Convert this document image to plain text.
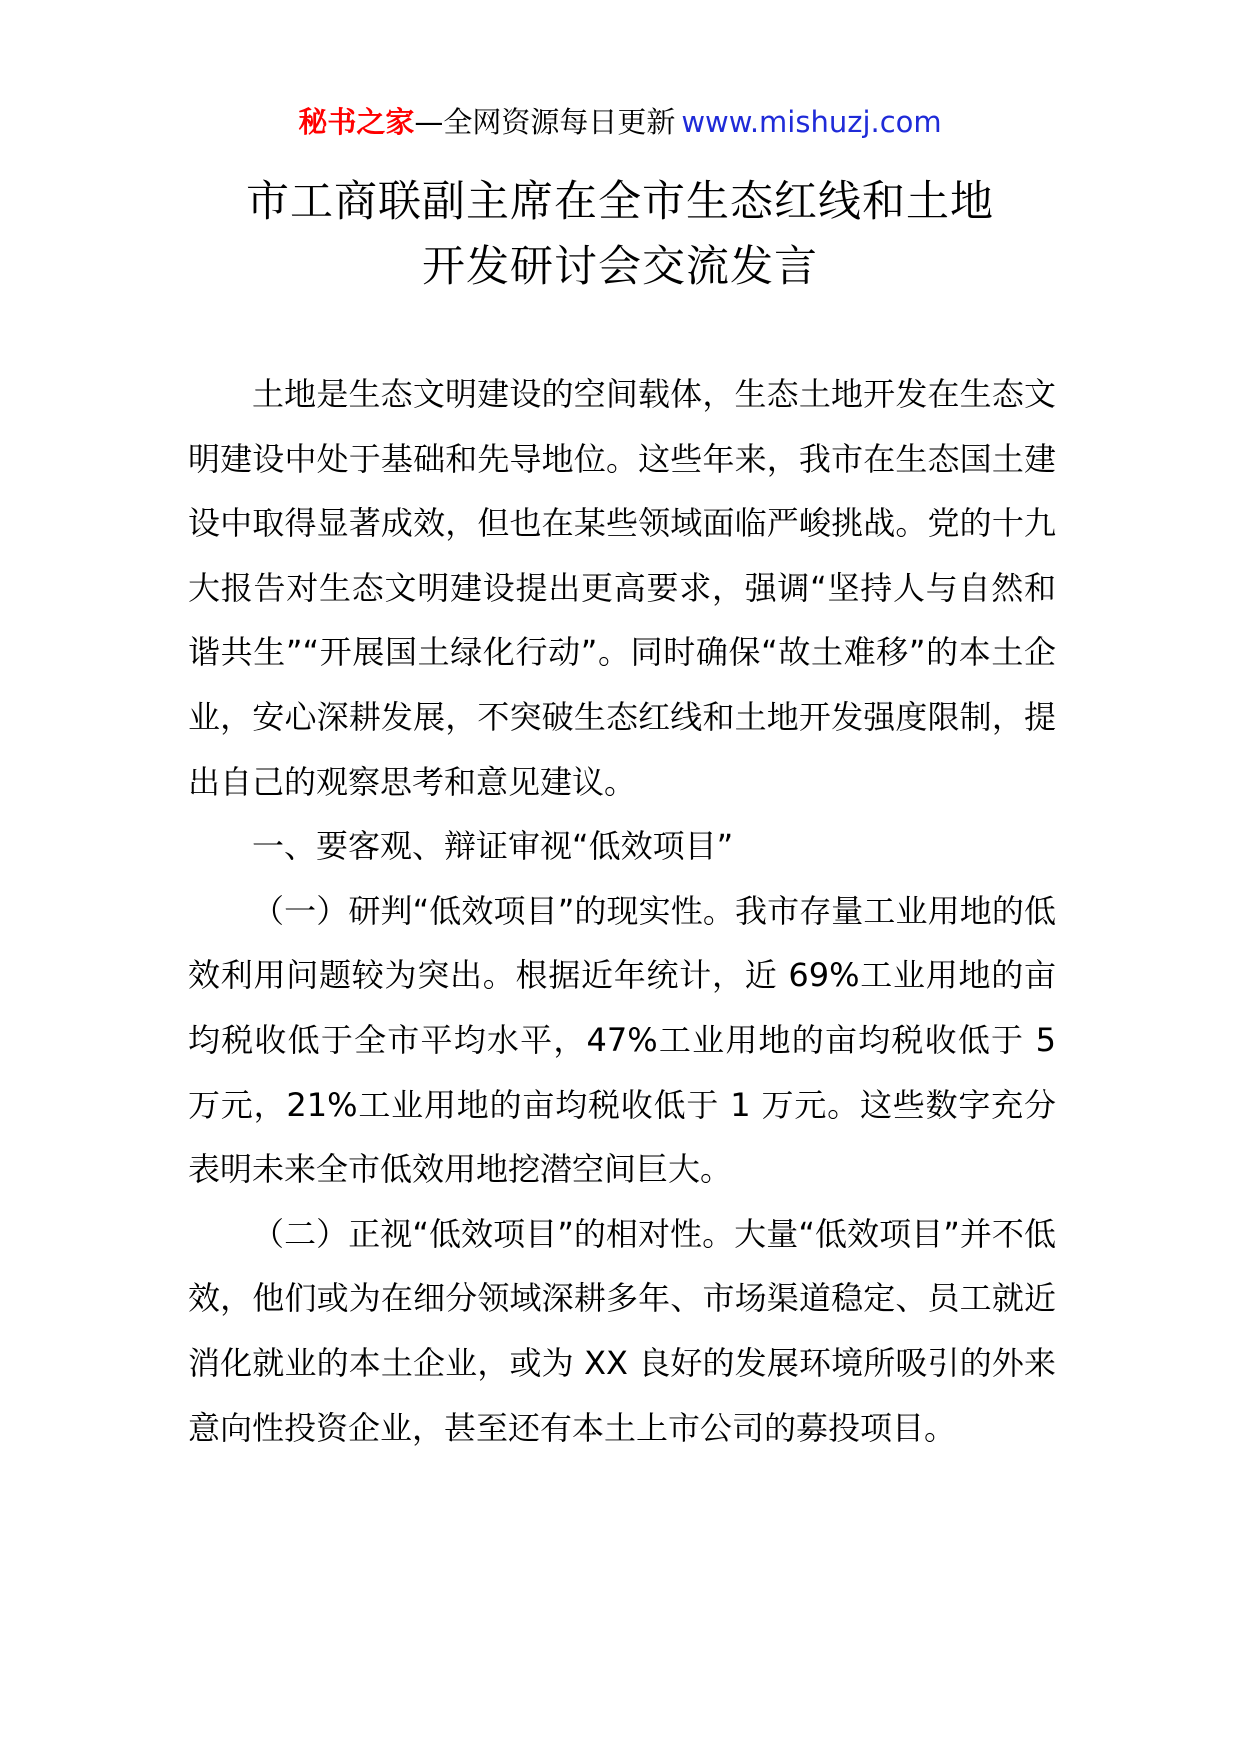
秘书之家—全网资源每日更新 www.mishuzj.com
市工商联副主席在全市生态红线和土地
开发研讨会交流发言

土地是生态文明建设的空间载体，生态土地开发在生态文明建设中处于基础和先导地位。这些年来，我市在生态国土建设中取得显著成效，但也在某些领域面临严峻挑战。党的十九大报告对生态文明建设提出更高要求，强调“坚持人与自然和谐共生”“开展国土绿化行动”。同时确保“故土难移”的本土企业，安心深耕发展，不突破生态红线和土地开发强度限制，提出自己的观察思考和意见建议。

一、要客观、辩证审视“低效项目”

（一）研判“低效项目”的现实性。我市存量工业用地的低效利用问题较为突出。根据近年统计，近 69%工业用地的亩均税收低于全市平均水平，47%工业用地的亩均税收低于 5 万元，21%工业用地的亩均税收低于 1 万元。这些数字充分表明未来全市低效用地挖潜空间巨大。

（二）正视“低效项目”的相对性。大量“低效项目”并不低效，他们或为在细分领域深耕多年、市场渠道稳定、员工就近消化就业的本土企业，或为 XX 良好的发展环境所吸引的外来意向性投资企业，甚至还有本土上市公司的募投项目。
